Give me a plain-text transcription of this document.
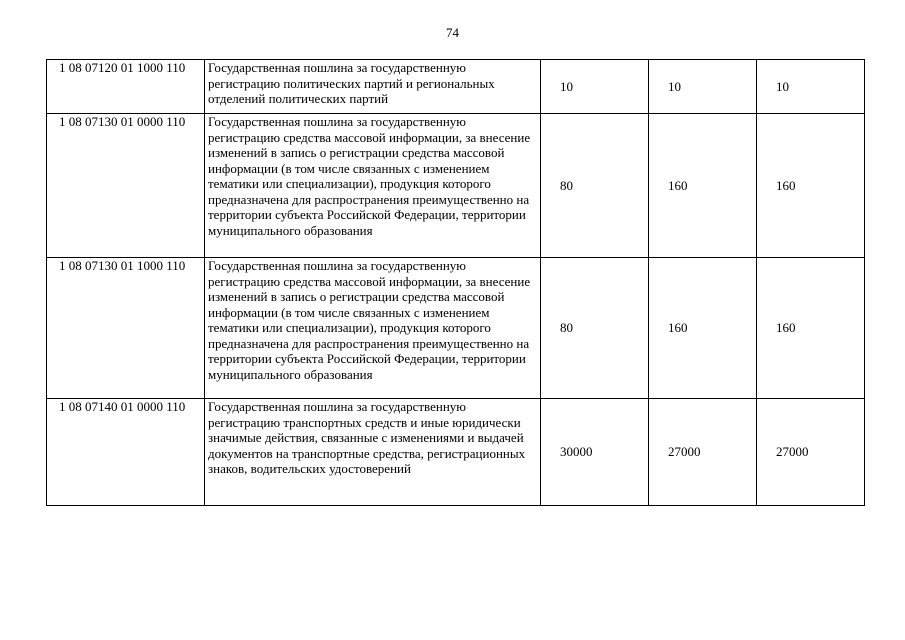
74
1 08 07120 01 1000 110	Государственная пошлина за государственную регистрацию политических партий и региональных отделений политических партий	10	10	10
1 08 07130 01 0000 110	Государственная пошлина за государственную регистрацию средства массовой информации, за внесение изменений в запись о регистрации средства массовой информации (в том числе связанных с изменением тематики или специализации), продукция которого предназначена для распространения преимущественно на территории субъекта Российской Федерации, территории муниципального образования	80	160	160
1 08 07130 01 1000 110	Государственная пошлина за государственную регистрацию средства массовой информации, за внесение изменений в запись о регистрации средства массовой информации (в том числе связанных с изменением тематики или специализации), продукция которого предназначена для распространения преимущественно на территории субъекта Российской Федерации, территории муниципального образования	80	160	160
1 08 07140 01 0000 110	Государственная пошлина за государственную регистрацию транспортных средств и иные юридически значимые действия, связанные с изменениями и выдачей документов на транспортные средства, регистрационных знаков, водительских удостоверений	30000	27000	27000
